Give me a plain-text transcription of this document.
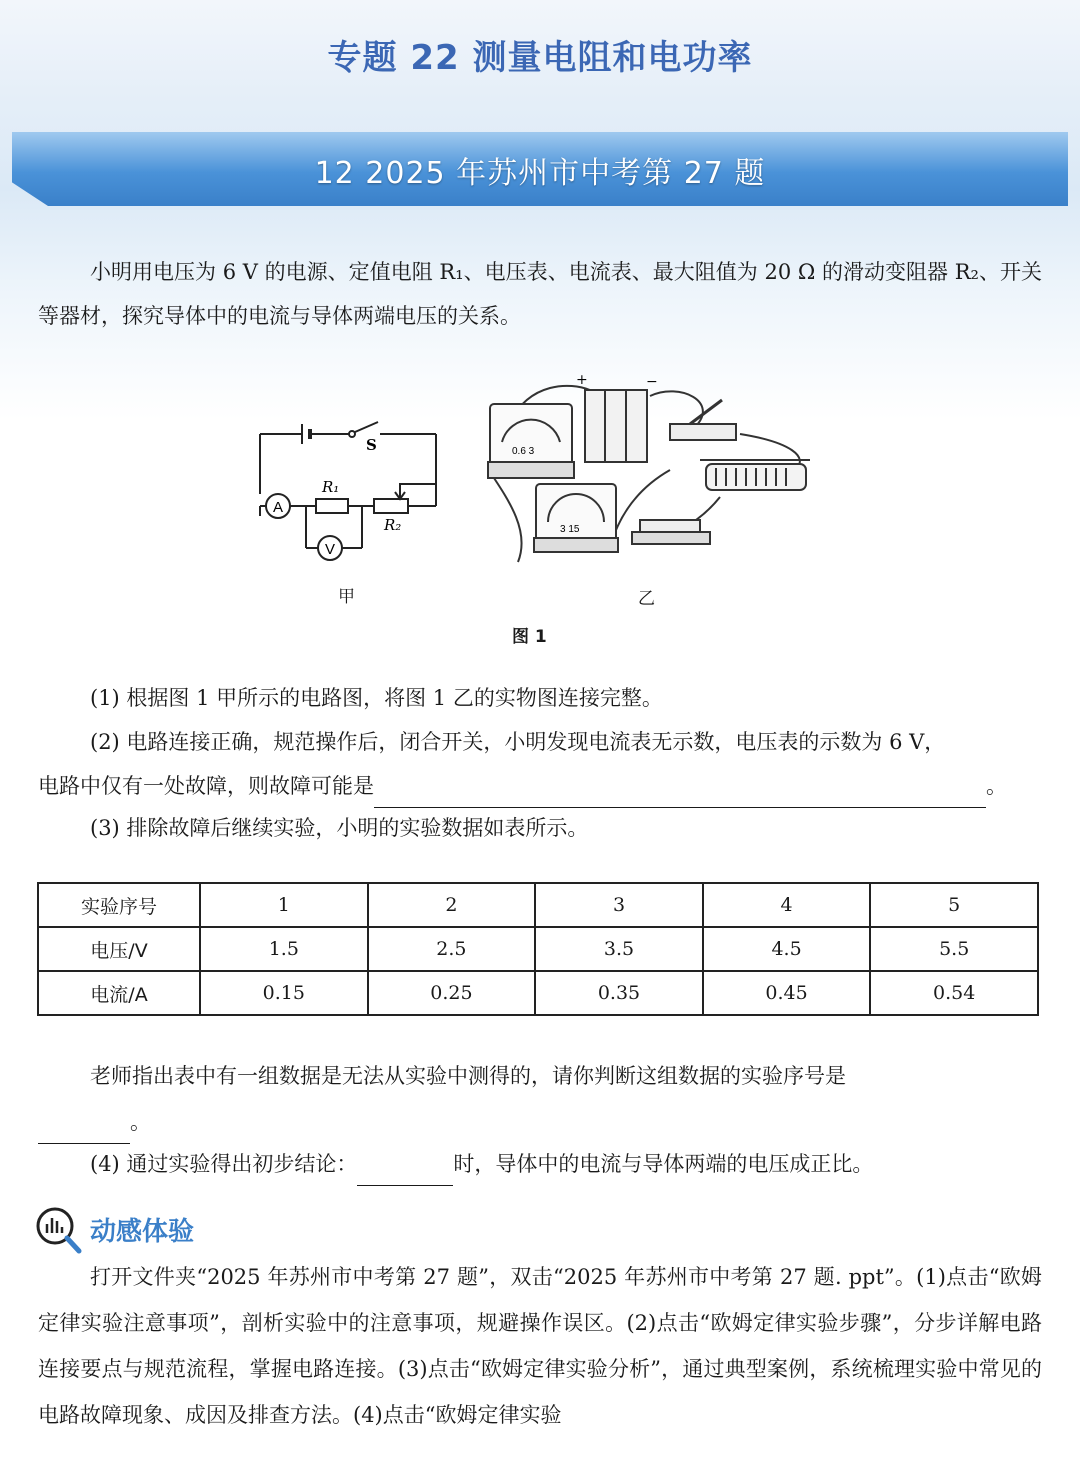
专题 22 测量电阻和电功率
12 2025 年苏州市中考第 27 题
小明用电压为 6 V 的电源、定值电阻 R₁、电压表、电流表、最大阻值为 20 Ω 的滑动变阻器 R₂、开关等器材，探究导体中的电流与导体两端电压的关系。
A
V
S
R₁
R₂
0.6 3
3 15
+	−
甲	乙
图 1
(1) 根据图 1 甲所示的电路图，将图 1 乙的实物图连接完整。
(2) 电路连接正确，规范操作后，闭合开关，小明发现电流表无示数，电压表的示数为 6 V，
电路中仅有一处故障，则故障可能是	。
(3) 排除故障后继续实验，小明的实验数据如表所示。
实验序号	1	2	3	4	5
电压/V	1.5	2.5	3.5	4.5	5.5
电流/A	0.15	0.25	0.35	0.45	0.54
老师指出表中有一组数据是无法从实验中测得的，请你判断这组数据的实验序号是
。
(4) 通过实验得出初步结论：	时，导体中的电流与导体两端的电压成正比。
动感体验
打开文件夹“2025 年苏州市中考第 27 题”，双击“2025 年苏州市中考第 27 题. ppt”。(1)点击“欧姆定律实验注意事项”，剖析实验中的注意事项，规避操作误区。(2)点击“欧姆定律实验步骤”，分步详解电路连接要点与规范流程，掌握电路连接。(3)点击“欧姆定律实验分析”，通过典型案例，系统梳理实验中常见的电路故障现象、成因及排查方法。(4)点击“欧姆定律实验
